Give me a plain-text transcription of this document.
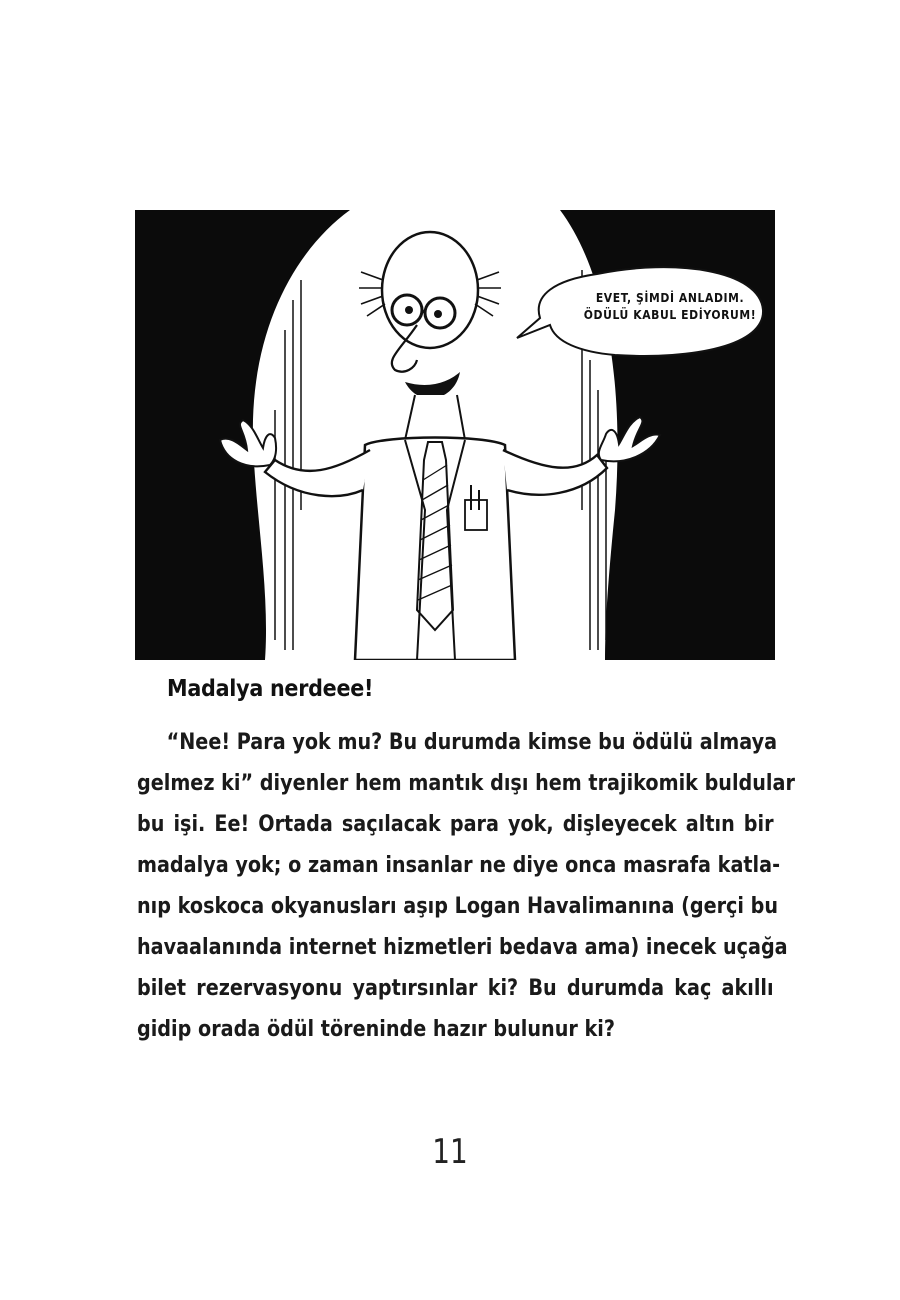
EVET, ŞİMDİ ANLADIM.
ÖDÜLÜ KABUL EDİYORUM!
Madalya nerdeee!
“Nee! Para yok mu? Bu durumda kimse bu ödülü almaya
gelmez ki” diyenler hem mantık dışı hem trajikomik buldular
bu işi. Ee! Ortada saçılacak para yok, dişleyecek altın bir
madalya yok; o zaman insanlar ne diye onca masrafa katla-
nıp koskoca okyanusları aşıp Logan Havalimanına (gerçi bu
havaalanında internet hizmetleri bedava ama) inecek uçağa
bilet rezervasyonu yaptırsınlar ki? Bu durumda kaç akıllı
gidip orada ödül töreninde hazır bulunur ki?
11
